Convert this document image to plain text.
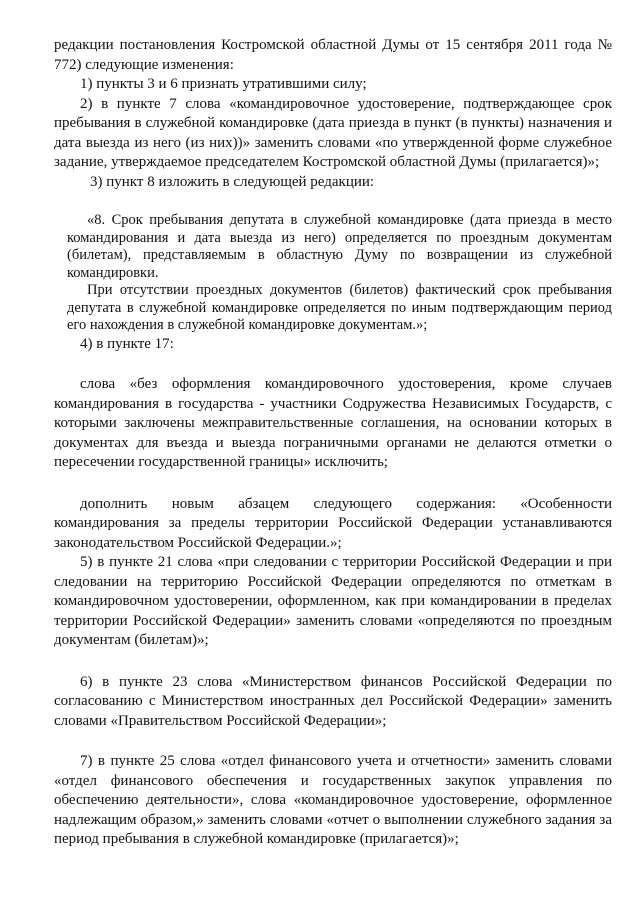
редакции постановления Костромской областной Думы от 15 сентября 2011 года № 772) следующие изменения:

1) пункты 3 и 6 признать утратившими силу;

2) в пункте 7 слова «командировочное удостоверение, подтверждающее срок пребывания в служебной командировке (дата приезда в пункт (в пункты) назначения и дата выезда из него (из них))» заменить словами «по утвержденной форме служебное задание, утверждаемое председателем Костромской областной Думы (прилагается)»;

3) пункт 8 изложить в следующей редакции:

«8. Срок пребывания депутата в служебной командировке (дата приезда в место командирования и дата выезда из него) определяется по проездным документам (билетам), представляемым в областную Думу по возвращении из служебной командировки.

При отсутствии проездных документов (билетов) фактический срок пребывания депутата в служебной командировке определяется по иным подтверждающим период его нахождения в служебной командировке документам.»;

4) в пункте 17:

слова «без оформления командировочного удостоверения, кроме случаев командирования в государства - участники Содружества Независимых Государств, с которыми заключены межправительственные соглашения, на основании которых в документах для въезда и выезда пограничными органами не делаются отметки о пересечении государственной границы» исключить;

дополнить новым абзацем следующего содержания: «Особенности командирования за пределы территории Российской Федерации устанавливаются законодательством Российской Федерации.»;

5) в пункте 21 слова «при следовании с территории Российской Федерации и при следовании на территорию Российской Федерации определяются по отметкам в командировочном удостоверении, оформленном, как при командировании в пределах территории Российской Федерации» заменить словами «определяются по проездным документам (билетам)»;

6) в пункте 23 слова «Министерством финансов Российской Федерации по согласованию с Министерством иностранных дел Российской Федерации» заменить словами «Правительством Российской Федерации»;

7) в пункте 25 слова «отдел финансового учета и отчетности» заменить словами «отдел финансового обеспечения и государственных закупок управления по обеспечению деятельности», слова «командировочное удостоверение, оформленное надлежащим образом,» заменить словами «отчет о выполнении служебного задания за период пребывания в служебной командировке (прилагается)»;
